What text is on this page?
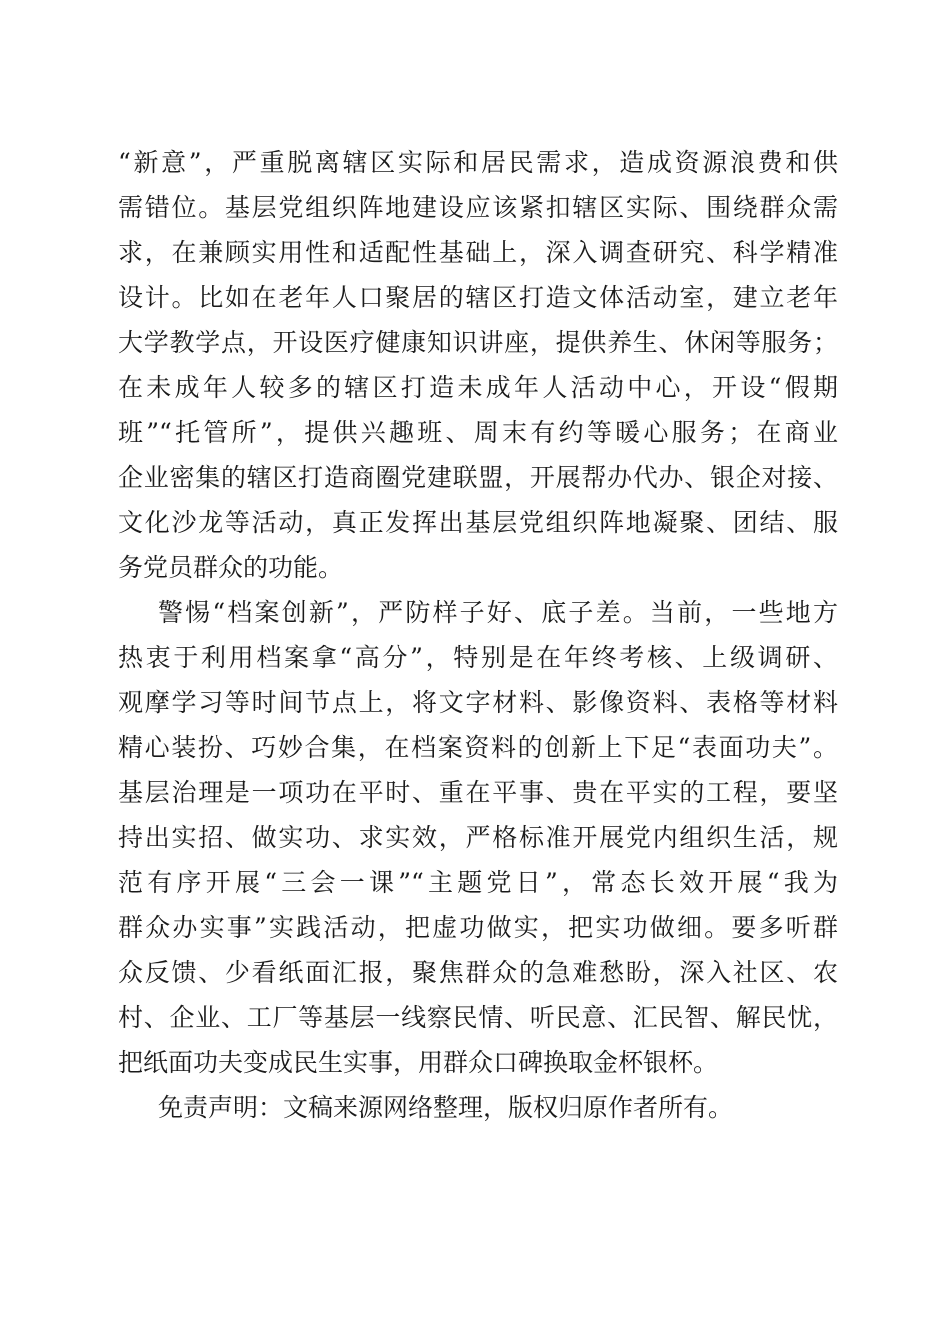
“新意”，严重脱离辖区实际和居民需求，造成资源浪费和供
需错位。基层党组织阵地建设应该紧扣辖区实际、围绕群众需
求，在兼顾实用性和适配性基础上，深入调查研究、科学精准
设计。比如在老年人口聚居的辖区打造文体活动室，建立老年
大学教学点，开设医疗健康知识讲座，提供养生、休闲等服务；
在未成年人较多的辖区打造未成年人活动中心，开设“假期
班”“托管所”，提供兴趣班、周末有约等暖心服务；在商业
企业密集的辖区打造商圈党建联盟，开展帮办代办、银企对接、
文化沙龙等活动，真正发挥出基层党组织阵地凝聚、团结、服
务党员群众的功能。
警惕“档案创新”，严防样子好、底子差。当前，一些地方
热衷于利用档案拿“高分”，特别是在年终考核、上级调研、
观摩学习等时间节点上，将文字材料、影像资料、表格等材料
精心装扮、巧妙合集，在档案资料的创新上下足“表面功夫”。
基层治理是一项功在平时、重在平事、贵在平实的工程，要坚
持出实招、做实功、求实效，严格标准开展党内组织生活，规
范有序开展“三会一课”“主题党日”，常态长效开展“我为
群众办实事”实践活动，把虚功做实，把实功做细。要多听群
众反馈、少看纸面汇报，聚焦群众的急难愁盼，深入社区、农
村、企业、工厂等基层一线察民情、听民意、汇民智、解民忧，
把纸面功夫变成民生实事，用群众口碑换取金杯银杯。
免责声明：文稿来源网络整理，版权归原作者所有。
